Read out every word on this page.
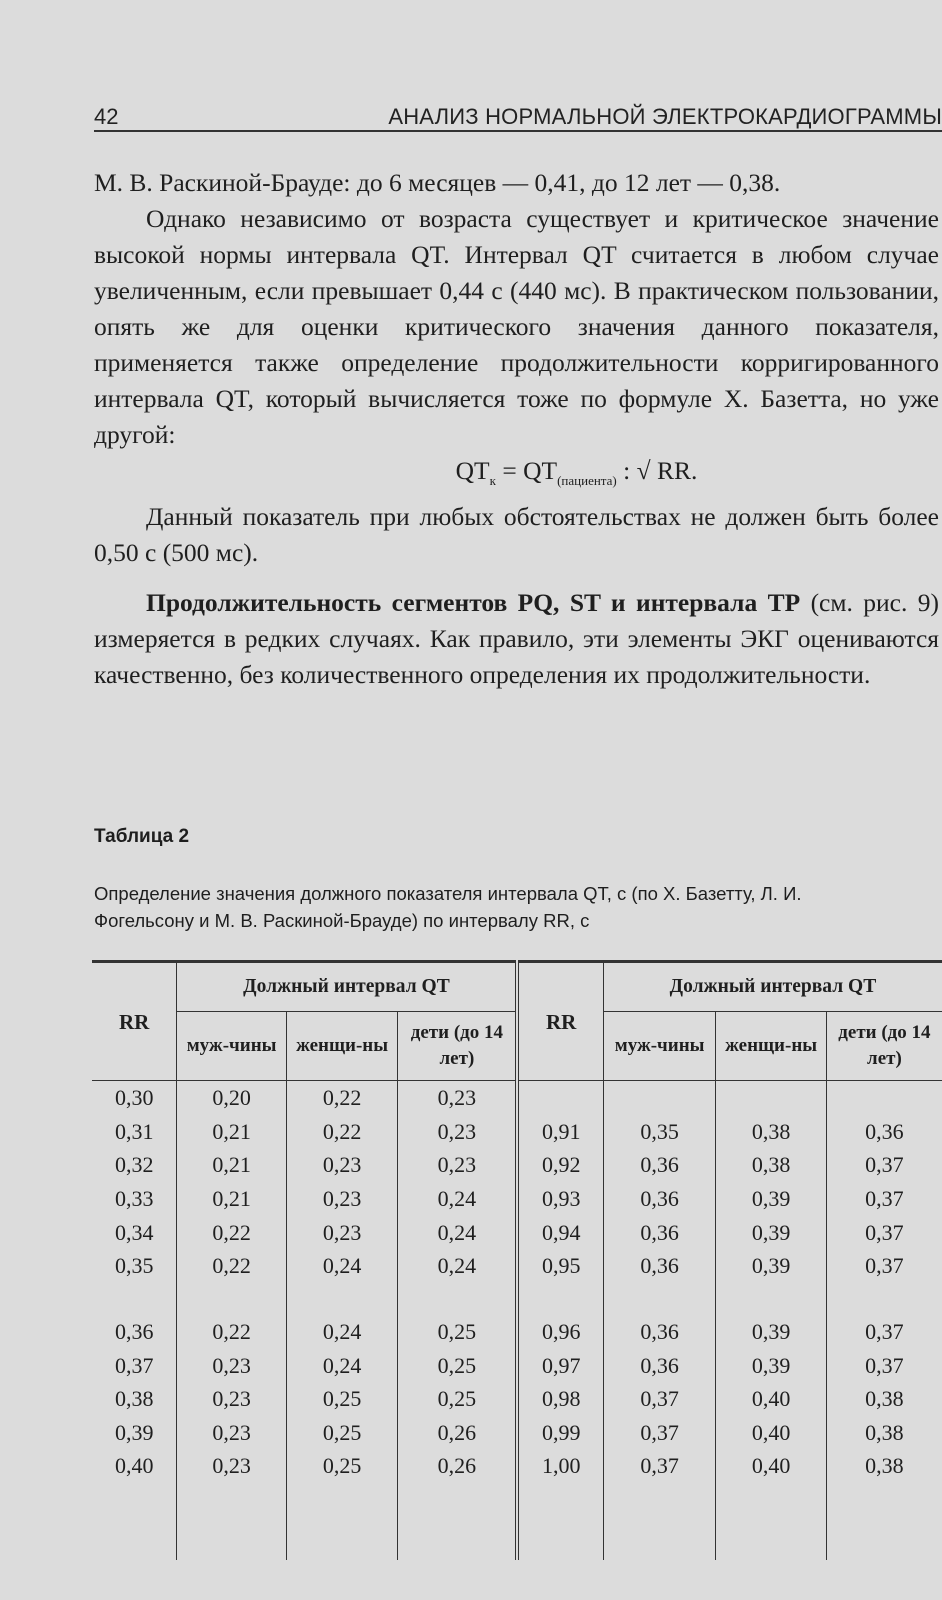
42	АНАЛИЗ НОРМАЛЬНОЙ ЭЛЕКТРОКАРДИОГРАММЫ

М. В. Раскиной-Брауде: до 6 месяцев — 0,41, до 12 лет — 0,38.

Однако независимо от возраста существует и критическое значение высокой нормы интервала QT. Интервал QT считается в любом случае увеличенным, если превышает 0,44 с (440 мс). В практическом пользовании, опять же для оценки критического значения данного показателя, применяется также определение продолжительности корригированного интервала QT, который вычисляется тоже по формуле Х. Базетта, но уже другой:

$QT_к = QT_{(пациента)}$ : √ RR.

Данный показатель при любых обстоятельствах не должен быть более 0,50 с (500 мс).

Продолжительность сегментов PQ, ST и интервала TP (см. рис. 9) измеряется в редких случаях. Как правило, эти элементы ЭКГ оцениваются качественно, без количественного определения их продолжительности.

Таблица 2
Определение значения должного показателя интервала QT, с (по Х. Базетту, Л. И. Фогельсону и М. В. Раскиной-Брауде) по интервалу RR, с
RR	Должный интервал QT			RR	Должный интервал QT		
	муж-чины	женщи-ны	дети (до 14 лет)		муж-чины	женщи-ны	дети (до 14 лет)
0,30	0,20	0,22	0,23				
0,31	0,21	0,22	0,23	0,91	0,35	0,38	0,36
0,32	0,21	0,23	0,23	0,92	0,36	0,38	0,37
0,33	0,21	0,23	0,24	0,93	0,36	0,39	0,37
0,34	0,22	0,23	0,24	0,94	0,36	0,39	0,37
0,35	0,22	0,24	0,24	0,95	0,36	0,39	0,37

0,36	0,22	0,24	0,25	0,96	0,36	0,39	0,37
0,37	0,23	0,24	0,25	0,97	0,36	0,39	0,37
0,38	0,23	0,25	0,25	0,98	0,37	0,40	0,38
0,39	0,23	0,25	0,26	0,99	0,37	0,40	0,38
0,40	0,23	0,25	0,26	1,00	0,37	0,40	0,38
